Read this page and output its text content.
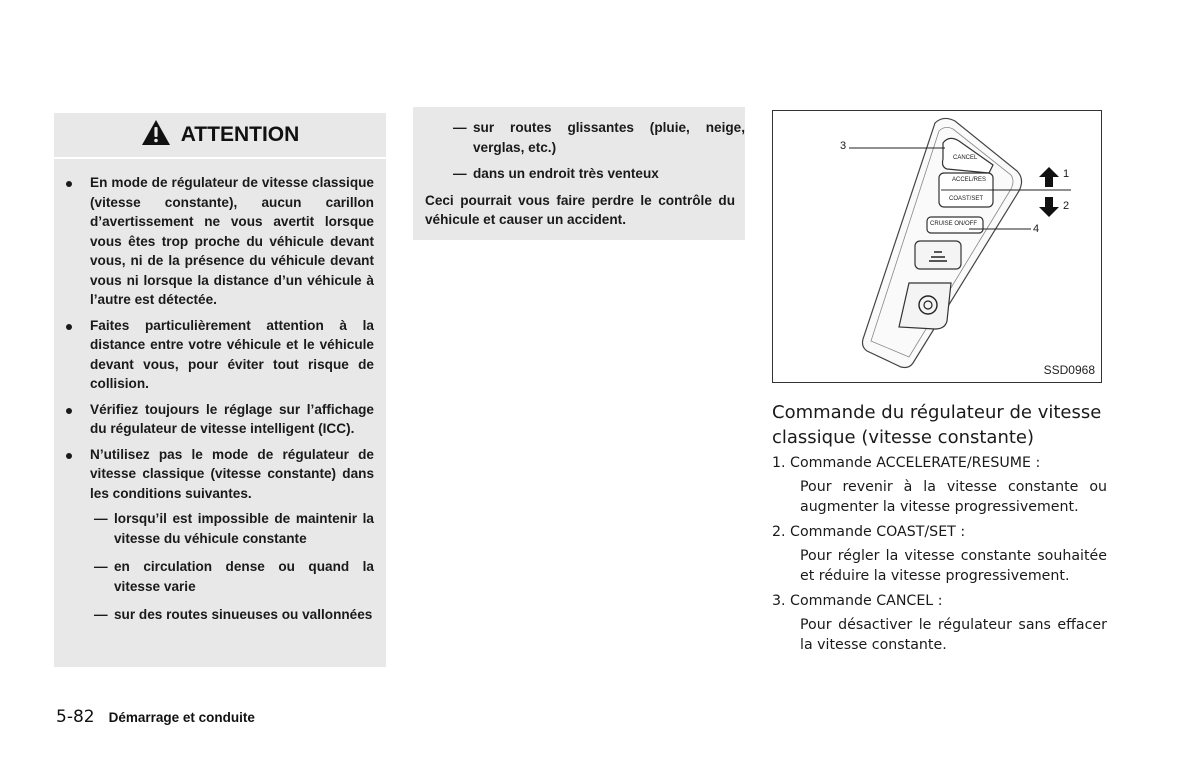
ATTENTION
En mode de régulateur de vitesse classique (vitesse constante), aucun carillon d’avertissement ne vous avertit lorsque vous êtes trop proche du véhicule devant vous, ni de la présence du véhicule devant vous ni lorsque la distance d’un véhicule à l’autre est détectée.
Faites particulièrement attention à la distance entre votre véhicule et le véhicule devant vous, pour éviter tout risque de collision.
Vérifiez toujours le réglage sur l’affichage du régulateur de vitesse intelligent (ICC).
N’utilisez pas le mode de régulateur de vitesse classique (vitesse constante) dans les conditions suivantes.
— lorsqu’il est impossible de maintenir la vitesse du véhicule constante
— en circulation dense ou quand la vitesse varie
— sur des routes sinueuses ou vallonnées
— sur routes glissantes (pluie, neige, verglas, etc.)
— dans un endroit très venteux
Ceci pourrait vous faire perdre le contrôle du véhicule et causer un accident.
3
1
2
4
CANCEL
ACCEL/RES
COAST/SET
CRUISE ON/OFF
SSD0968
Commande du régulateur de vitesse classique (vitesse constante)
1. Commande ACCELERATE/RESUME :
Pour revenir à la vitesse constante ou augmenter la vitesse progressivement.
2. Commande COAST/SET :
Pour régler la vitesse constante souhaitée et réduire la vitesse progressivement.
3. Commande CANCEL :
Pour désactiver le régulateur sans effacer la vitesse constante.
5-82 Démarrage et conduite
